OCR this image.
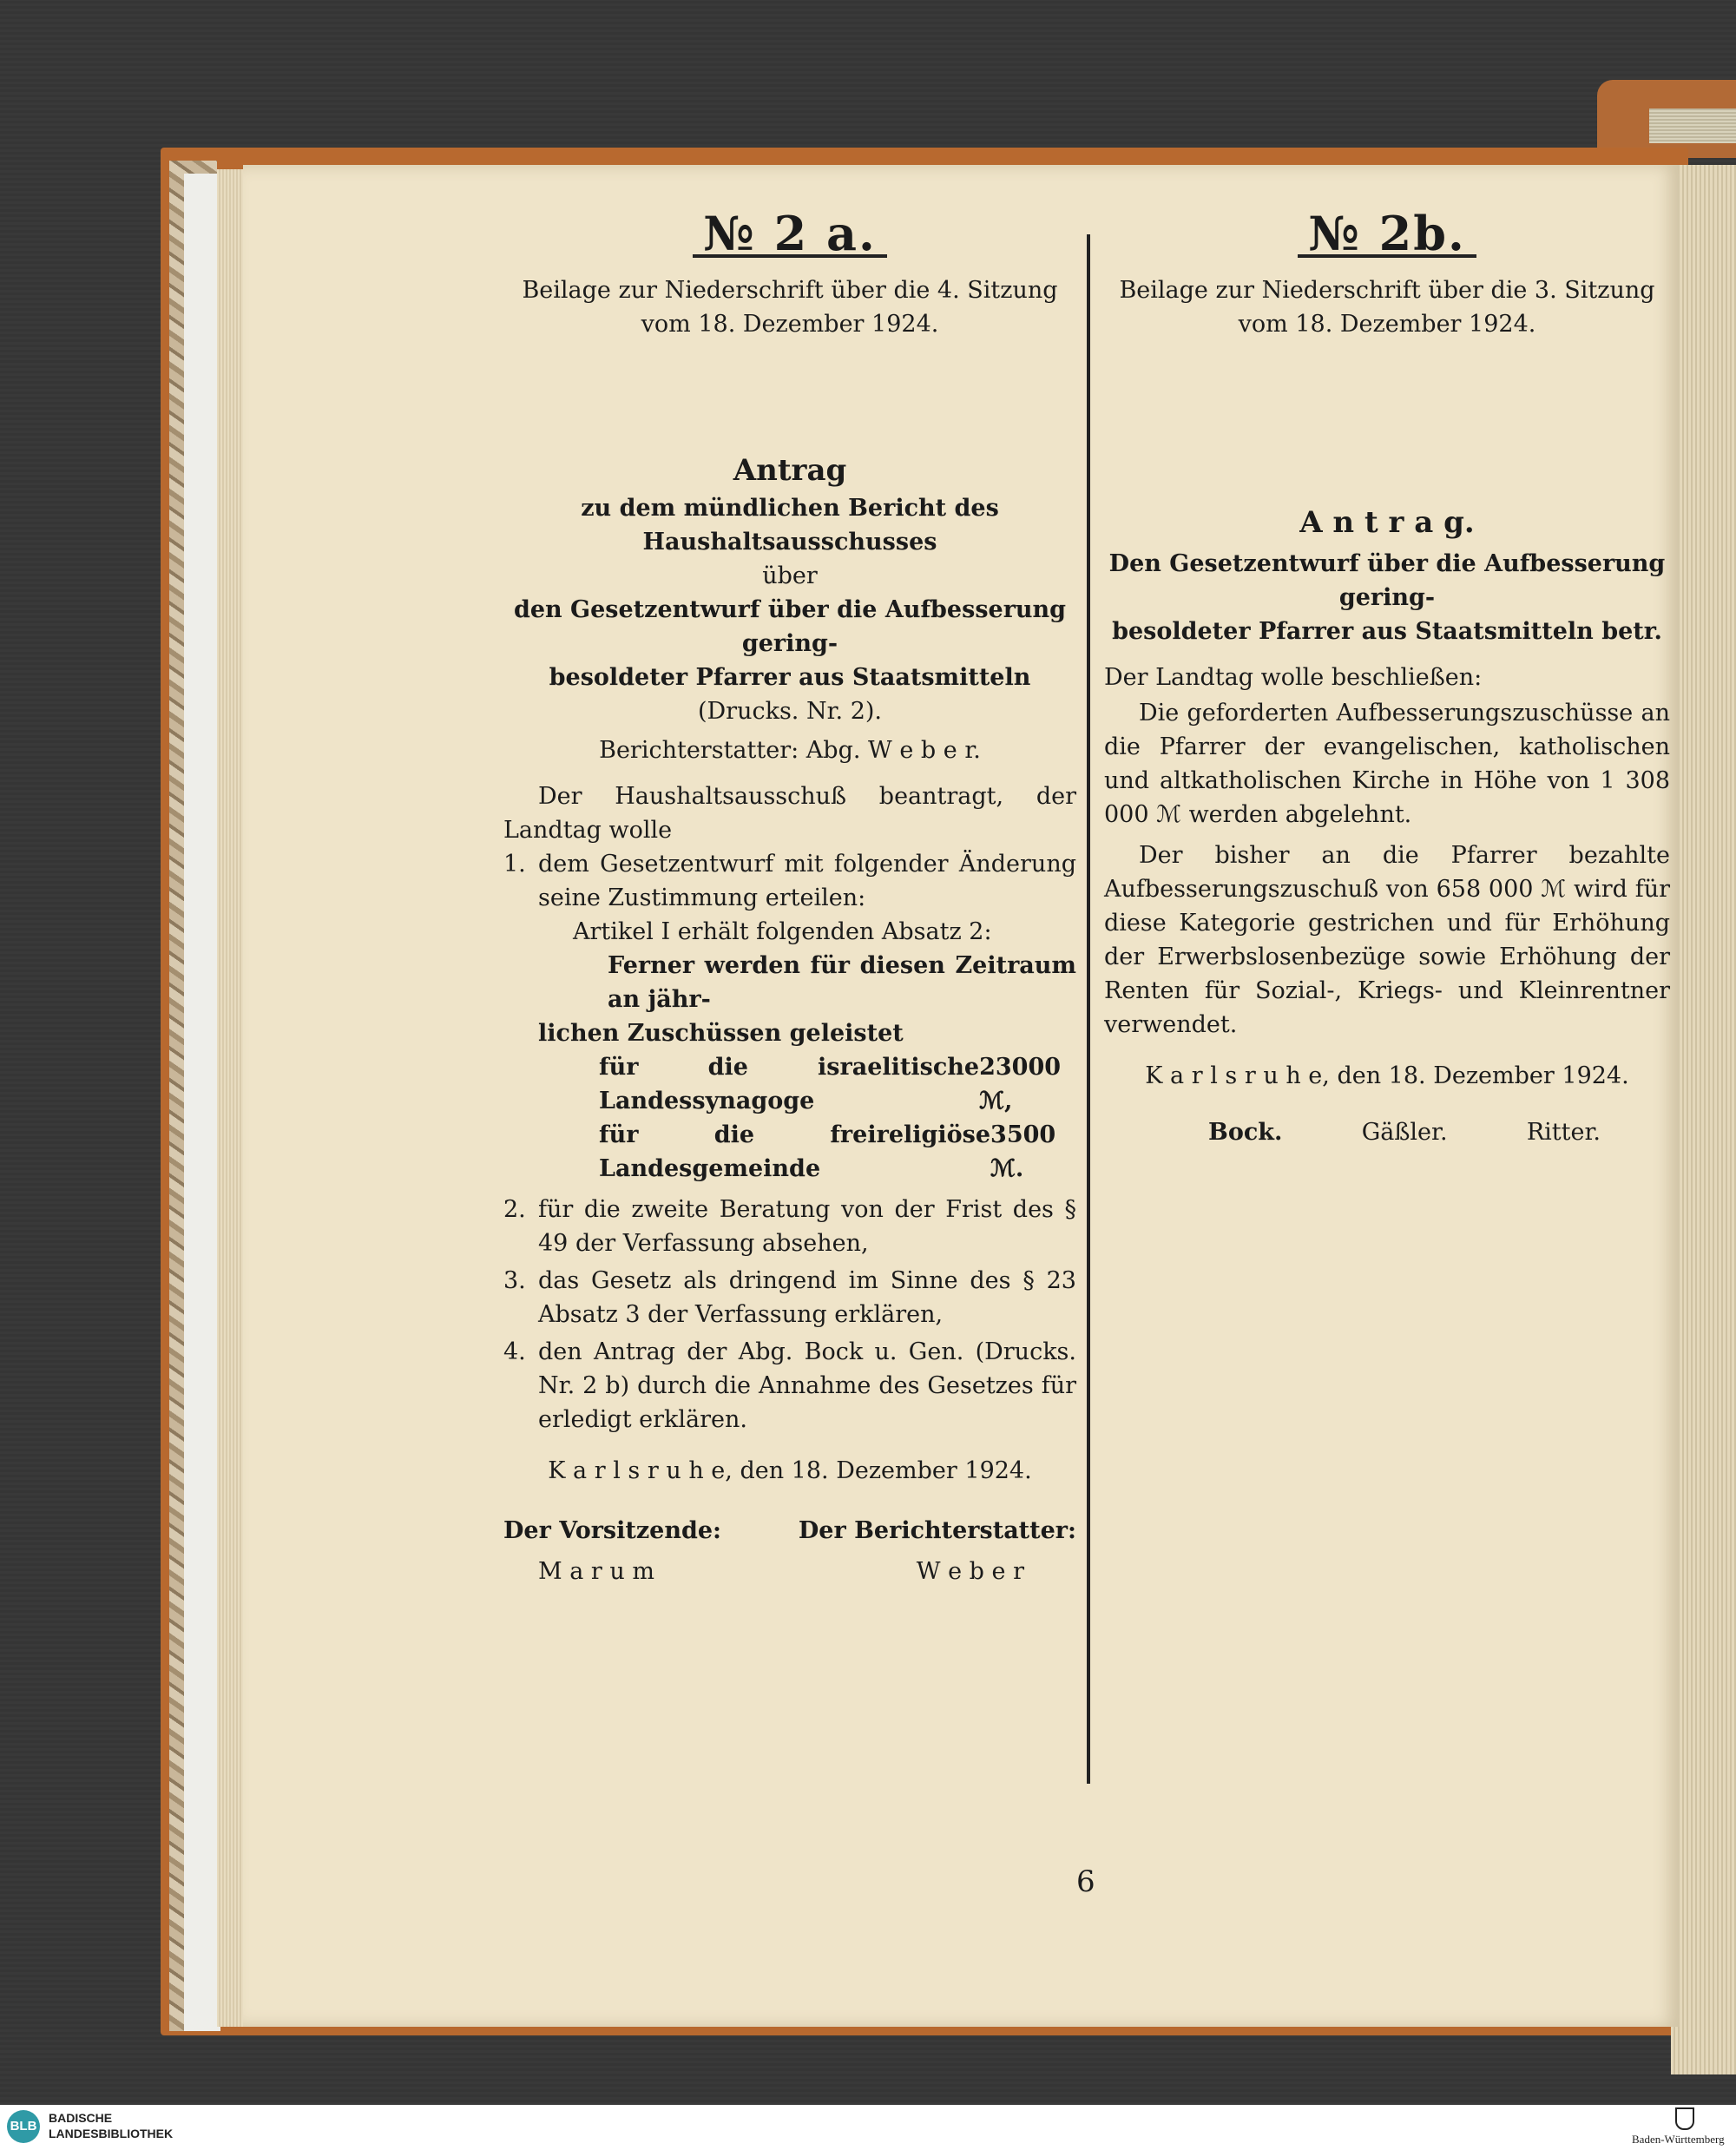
№ 2 a.
Beilage zur Niederschrift über die 4. Sitzung
vom 18. Dezember 1924.
Antrag
zu dem mündlichen Bericht des Haushaltsausschusses
über
den Gesetzentwurf über die Aufbesserung gering-
besoldeter Pfarrer aus Staatsmitteln
(Drucks. Nr. 2).
Berichterstatter: Abg. W e b e r.
Der Haushaltsausschuß beantragt, der Landtag wolle
1. dem Gesetzentwurf mit folgender Änderung seine Zustimmung erteilen:
Artikel I erhält folgenden Absatz 2:
Ferner werden für diesen Zeitraum an jähr-
lichen Zuschüssen geleistet
für die israelitische Landessynagoge
23000 ℳ,
für die freireligiöse Landesgemeinde
3500 ℳ.
2. für die zweite Beratung von der Frist des § 49 der Verfassung absehen,
3. das Gesetz als dringend im Sinne des § 23 Absatz 3 der Verfassung erklären,
4. den Antrag der Abg. Bock u. Gen. (Drucks. Nr. 2 b) durch die Annahme des Gesetzes für erledigt erklären.
K a r l s r u h e, den 18. Dezember 1924.
Der Vorsitzende:	Der Berichterstatter:
M a r u m	W e b e r
№ 2b.
Beilage zur Niederschrift über die 3. Sitzung
vom 18. Dezember 1924.
A n t r a g.
Den Gesetzentwurf über die Aufbesserung gering-
besoldeter Pfarrer aus Staatsmitteln betr.
Der Landtag wolle beschließen:
Die geforderten Aufbesserungszuschüsse an die Pfarrer der evangelischen, katholischen und altkatholischen Kirche in Höhe von 1 308 000 ℳ werden abgelehnt.
Der bisher an die Pfarrer bezahlte Aufbesserungszuschuß von 658 000 ℳ wird für diese Kategorie gestrichen und für Erhöhung der Erwerbslosenbezüge sowie Erhöhung der Renten für Sozial-, Kriegs- und Kleinrentner verwendet.
K a r l s r u h e, den 18. Dezember 1924.
Bock.	Gäßler.	Ritter.
6
BLB
BADISCHE
LANDESBIBLIOTHEK	Baden-Württemberg
